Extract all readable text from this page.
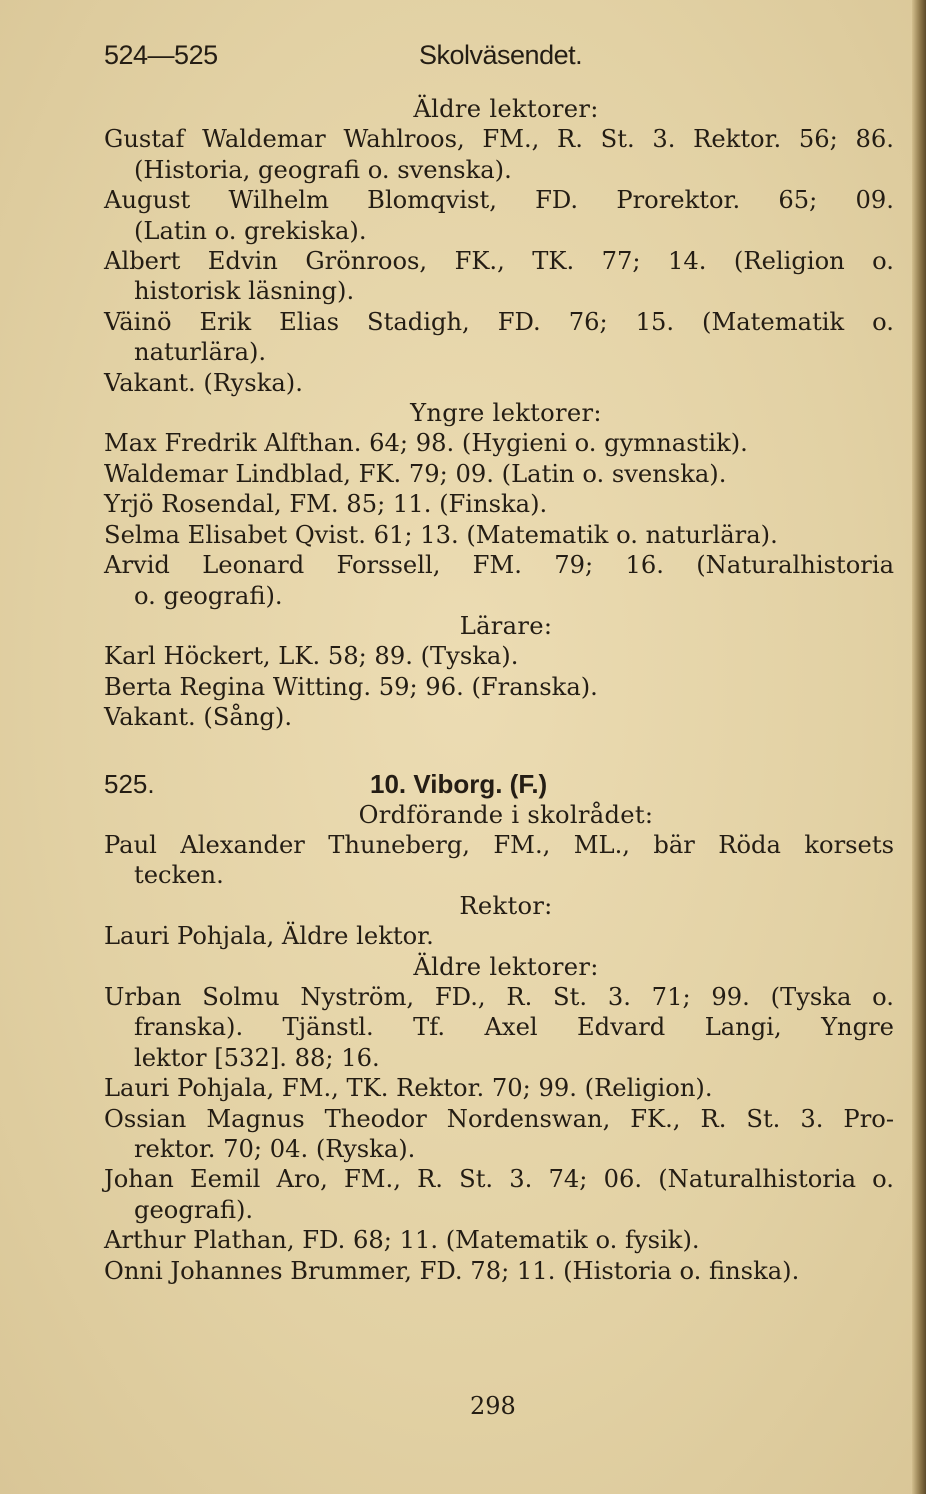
524—525	Skolväsendet.
Äldre lektorer:
Gustaf Waldemar Wahlroos, FM., R. St. 3. Rektor. 56; 86.
(Historia, geografi o. svenska).
August Wilhelm Blomqvist, FD. Prorektor. 65; 09.
(Latin o. grekiska).
Albert Edvin Grönroos, FK., TK. 77; 14. (Religion o.
historisk läsning).
Väinö Erik Elias Stadigh, FD. 76; 15. (Matematik o.
naturlära).
Vakant. (Ryska).
Yngre lektorer:
Max Fredrik Alfthan. 64; 98. (Hygieni o. gymnastik).
Waldemar Lindblad, FK. 79; 09. (Latin o. svenska).
Yrjö Rosendal, FM. 85; 11. (Finska).
Selma Elisabet Qvist. 61; 13. (Matematik o. naturlära).
Arvid Leonard Forssell, FM. 79; 16. (Naturalhistoria
o. geografi).
Lärare:
Karl Höckert, LK. 58; 89. (Tyska).
Berta Regina Witting. 59; 96. (Franska).
Vakant. (Sång).
525.	10. Viborg. (F.)
Ordförande i skolrådet:
Paul Alexander Thuneberg, FM., ML., bär Röda korsets
tecken.
Rektor:
Lauri Pohjala, Äldre lektor.
Äldre lektorer:
Urban Solmu Nyström, FD., R. St. 3. 71; 99. (Tyska o.
franska). Tjänstl. Tf. Axel Edvard Langi, Yngre
lektor [532]. 88; 16.
Lauri Pohjala, FM., TK. Rektor. 70; 99. (Religion).
Ossian Magnus Theodor Nordenswan, FK., R. St. 3. Pro-
rektor. 70; 04. (Ryska).
Johan Eemil Aro, FM., R. St. 3. 74; 06. (Naturalhistoria o.
geografi).
Arthur Plathan, FD. 68; 11. (Matematik o. fysik).
Onni Johannes Brummer, FD. 78; 11. (Historia o. finska).
298
